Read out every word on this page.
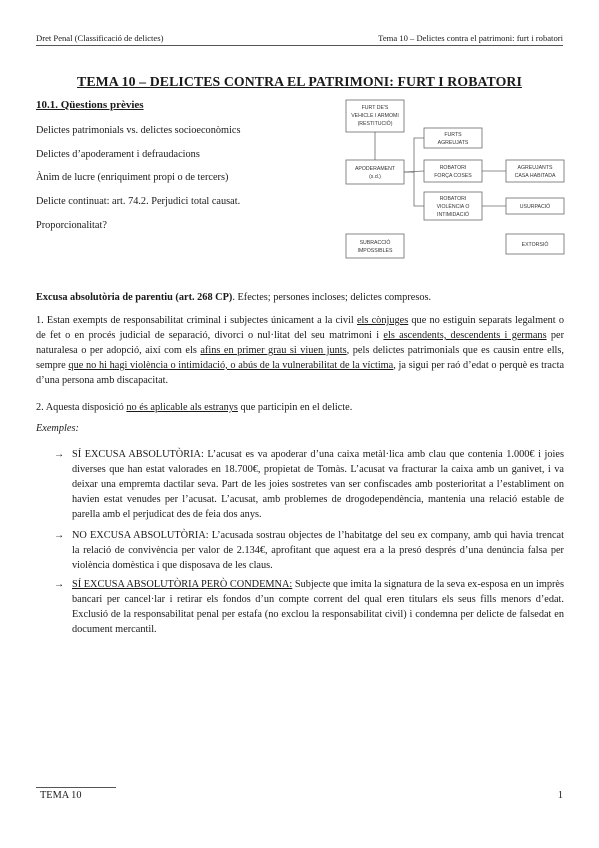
Dret Penal (Classificació de delictes)	Tema 10 – Delictes contra el patrimoni: furt i robatori
TEMA 10 – DELICTES CONTRA EL PATRIMONI: FURT I ROBATORI
10.1. Qüestions prèvies
Delictes patrimonials vs. delictes socioeconòmics
Delictes d’apoderament i defraudacions
Ànim de lucre (enriquiment propi o de tercers)
Delicte continuat: art. 74.2. Perjudici total causat.
Proporcionalitat?
FURT DE'S
VEHICLE I ARMOMI
(RESTITUCIÓ)
APODERAMENT
(s.d.)
FURTS
AGREUJATS
ROBATORI
FORÇA COSES
ROBATORI
VIOLÈNCIA O
INTIMIDACIÓ
AGREUJANTS
CASA HABITADA
USURPACIÓ
SUBRACCIÓ
IMPOSSIBLES
EXTORSIÓ
Excusa absolutòria de parentiu (art. 268 CP). Efectes; persones incloses; delictes compresos.
1. Estan exempts de responsabilitat criminal i subjectes únicament a la civil els cònjuges que no estiguin separats legalment o de fet o en procés judicial de separació, divorci o nul·litat del seu matrimoni i els ascendents, descendents i germans per naturalesa o per adopció, així com els afins en primer grau si viuen junts, pels delictes patrimonials que es causin entre ells, sempre que no hi hagi violència o intimidació, o abús de la vulnerabilitat de la víctima, ja sigui per raó d’edat o perquè es tracta d’una persona amb discapacitat.
2. Aquesta disposició no és aplicable als estranys que participin en el delicte.
Exemples:
→ SÍ EXCUSA ABSOLUTÒRIA: L’acusat es va apoderar d’una caixa metàl·lica amb clau que contenia 1.000€ i joies diverses que han estat valorades en 18.700€, propietat de Tomàs. L’acusat va fracturar la caixa amb un ganivet, i va deixar una empremta dactilar seva. Part de les joies sostretes van ser confiscades amb posterioritat a l’establiment on havien estat venudes per l’acusat. L’acusat, amb problemes de drogodependència, mantenia una relació estable de parella amb el perjudicat des de feia dos anys.
→ NO EXCUSA ABSOLUTÒRIA: L’acusada sostrau objectes de l’habitatge del seu ex company, amb qui havia trencat la relació de convivència per valor de 2.134€, aprofitant que aquest era a la presó després d’una denúncia falsa per violència domèstica i que disposava de les claus.
→ SÍ EXCUSA ABSOLUTÒRIA PERÒ CONDEMNA: Subjecte que imita la signatura de la seva ex-esposa en un imprès bancari per cancel·lar i retirar els fondos d’un compte corrent del qual eren titulars els seus fills menors d’edat. Exclusió de la responsabilitat penal per estafa (no exclou la responsabilitat civil) i condemna per delicte de falsedat en document mercantil.
TEMA 10	1
